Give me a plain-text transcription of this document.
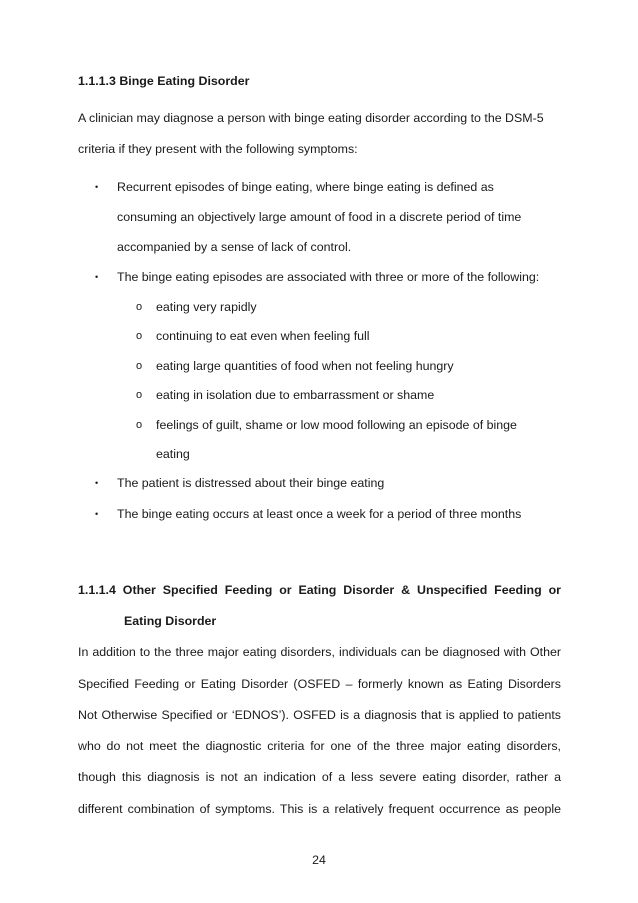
1.1.1.3 Binge Eating Disorder
A clinician may diagnose a person with binge eating disorder according to the DSM-5
criteria if they present with the following symptoms:
• Recurrent episodes of binge eating, where binge eating is defined as
consuming an objectively large amount of food in a discrete period of time
accompanied by a sense of lack of control.
• The binge eating episodes are associated with three or more of the following:
o eating very rapidly
o continuing to eat even when feeling full
o eating large quantities of food when not feeling hungry
o eating in isolation due to embarrassment or shame
o feelings of guilt, shame or low mood following an episode of binge
eating
• The patient is distressed about their binge eating
• The binge eating occurs at least once a week for a period of three months
1.1.1.4 Other Specified Feeding or Eating Disorder & Unspecified Feeding or
Eating Disorder
In addition to the three major eating disorders, individuals can be diagnosed with Other
Specified Feeding or Eating Disorder (OSFED – formerly known as Eating Disorders
Not Otherwise Specified or ‘EDNOS’). OSFED is a diagnosis that is applied to patients
who do not meet the diagnostic criteria for one of the three major eating disorders,
though this diagnosis is not an indication of a less severe eating disorder, rather a
different combination of symptoms. This is a relatively frequent occurrence as people
24
